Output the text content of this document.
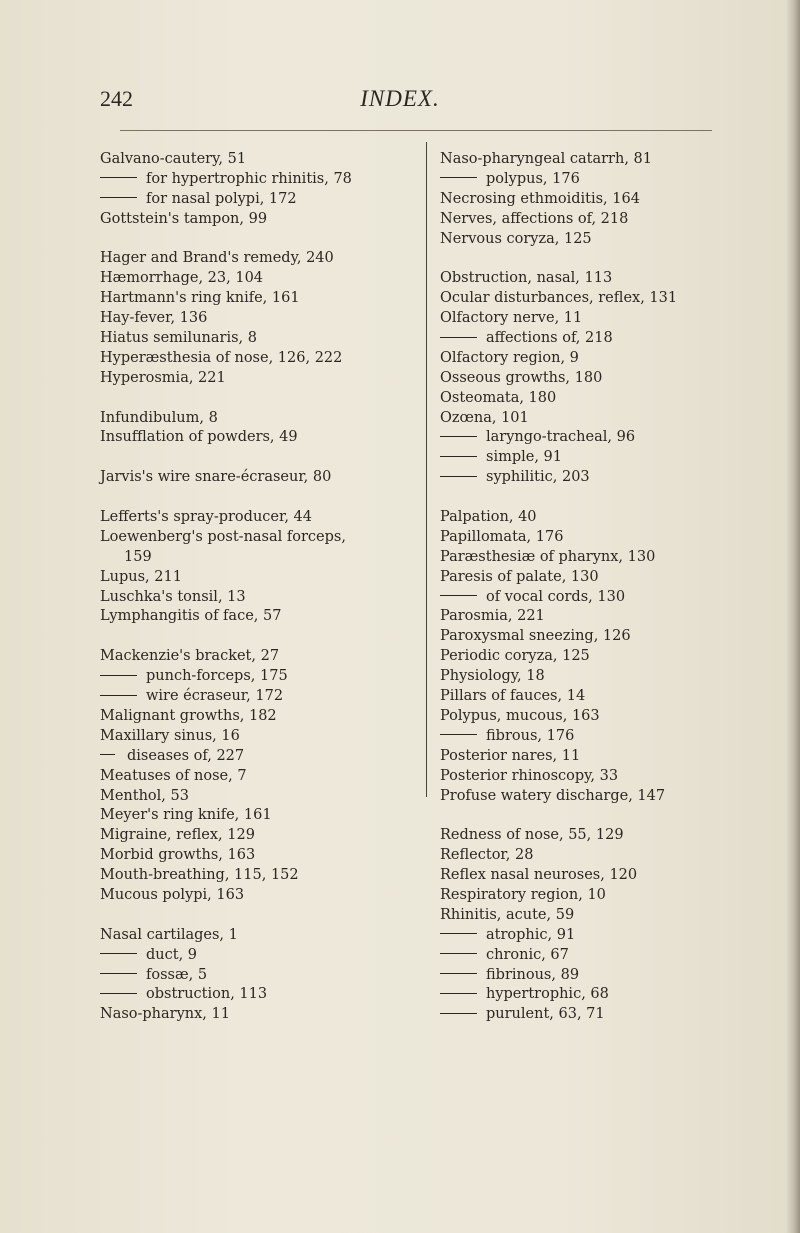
242	INDEX.
Galvano-cautery, 51
for hypertrophic rhinitis, 78
for nasal polypi, 172
Gottstein's tampon, 99
Hager and Brand's remedy, 240
Hæmorrhage, 23, 104
Hartmann's ring knife, 161
Hay-fever, 136
Hiatus semilunaris, 8
Hyperæsthesia of nose, 126, 222
Hyperosmia, 221
Infundibulum, 8
Insufflation of powders, 49
Jarvis's wire snare-écraseur, 80
Lefferts's spray-producer, 44
Loewenberg's post-nasal forceps,
159
Lupus, 211
Luschka's tonsil, 13
Lymphangitis of face, 57
Mackenzie's bracket, 27
punch-forceps, 175
wire écraseur, 172
Malignant growths, 182
Maxillary sinus, 16
diseases of, 227
Meatuses of nose, 7
Menthol, 53
Meyer's ring knife, 161
Migraine, reflex, 129
Morbid growths, 163
Mouth-breathing, 115, 152
Mucous polypi, 163
Nasal cartilages, 1
duct, 9
fossæ, 5
obstruction, 113
Naso-pharynx, 11
Naso-pharyngeal catarrh, 81
polypus, 176
Necrosing ethmoiditis, 164
Nerves, affections of, 218
Nervous coryza, 125
Obstruction, nasal, 113
Ocular disturbances, reflex, 131
Olfactory nerve, 11
affections of, 218
Olfactory region, 9
Osseous growths, 180
Osteomata, 180
Ozœna, 101
laryngo-tracheal, 96
simple, 91
syphilitic, 203
Palpation, 40
Papillomata, 176
Paræsthesiæ of pharynx, 130
Paresis of palate, 130
of vocal cords, 130
Parosmia, 221
Paroxysmal sneezing, 126
Periodic coryza, 125
Physiology, 18
Pillars of fauces, 14
Polypus, mucous, 163
fibrous, 176
Posterior nares, 11
Posterior rhinoscopy, 33
Profuse watery discharge, 147
Redness of nose, 55, 129
Reflector, 28
Reflex nasal neuroses, 120
Respiratory region, 10
Rhinitis, acute, 59
atrophic, 91
chronic, 67
fibrinous, 89
hypertrophic, 68
purulent, 63, 71
